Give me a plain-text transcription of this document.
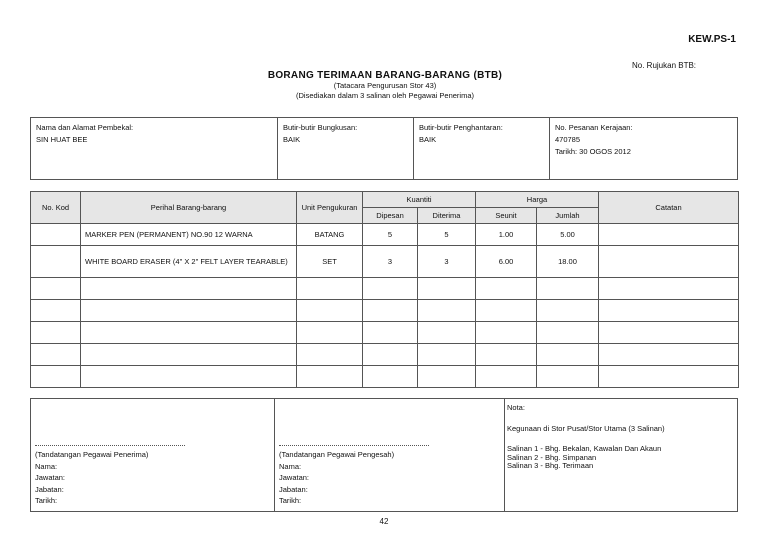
KEW.PS-1
No. Rujukan BTB:
BORANG TERIMAAN BARANG-BARANG (BTB)
(Tatacara Pengurusan Stor 43)
(Disediakan dalam 3 salinan oleh Pegawai Penerima)
Nama dan Alamat Pembekal:
SIN HUAT BEE
Butir-butir Bungkusan:
BAIK
Butir-butir Penghantaran:
BAIK
No. Pesanan Kerajaan:
470785
Tarikh: 30 OGOS 2012
No. Kod	Perihal Barang-barang	Unit Pengukuran	Kuantiti		Harga		Catatan
			Dipesan	Diterima	Seunit	Jumlah	
	MARKER PEN (PERMANENT) NO.90 12 WARNA	BATANG	5	5	1.00	5.00	
	WHITE BOARD ERASER (4" X 2" FELT LAYER TEARABLE)	SET	3	3	6.00	18.00	

(Tandatangan Pegawai Penerima)
Nama:
Jawatan:
Jabatan:
Tarikh:
(Tandatangan Pegawai Pengesah)
Nama:
Jawatan:
Jabatan:
Tarikh:
Nota:
Kegunaan di Stor Pusat/Stor Utama (3 Salinan)
Salinan 1 - Bhg. Bekalan, Kawalan Dan Akaun
Salinan 2 - Bhg. Simpanan
Salinan 3 - Bhg. Terimaan
42
